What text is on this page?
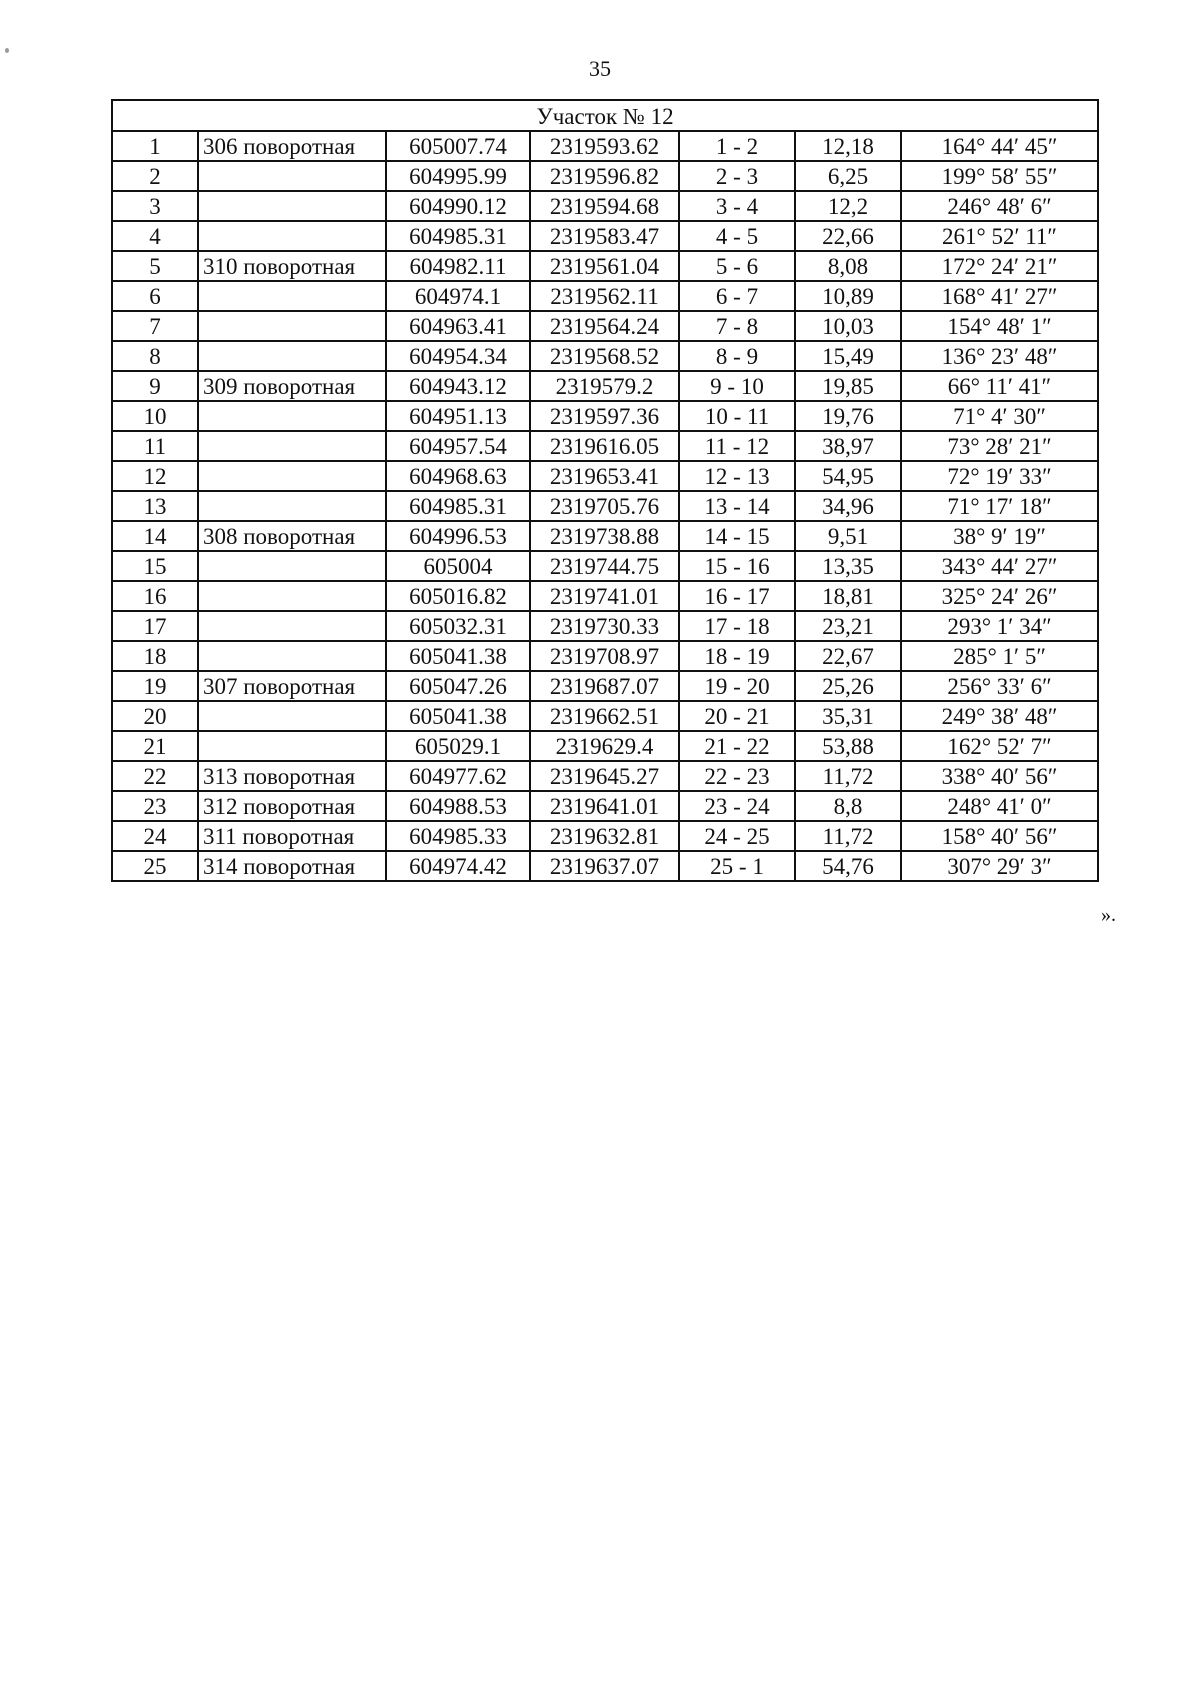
35
Участок № 12						
1	306 поворотная	605007.74	2319593.62	1 - 2	12,18	164° 44′ 45″
2		604995.99	2319596.82	2 - 3	6,25	199° 58′ 55″
3		604990.12	2319594.68	3 - 4	12,2	246° 48′ 6″
4		604985.31	2319583.47	4 - 5	22,66	261° 52′ 11″
5	310 поворотная	604982.11	2319561.04	5 - 6	8,08	172° 24′ 21″
6		604974.1	2319562.11	6 - 7	10,89	168° 41′ 27″
7		604963.41	2319564.24	7 - 8	10,03	154° 48′ 1″
8		604954.34	2319568.52	8 - 9	15,49	136° 23′ 48″
9	309 поворотная	604943.12	2319579.2	9 - 10	19,85	66° 11′ 41″
10		604951.13	2319597.36	10 - 11	19,76	71° 4′ 30″
11		604957.54	2319616.05	11 - 12	38,97	73° 28′ 21″
12		604968.63	2319653.41	12 - 13	54,95	72° 19′ 33″
13		604985.31	2319705.76	13 - 14	34,96	71° 17′ 18″
14	308 поворотная	604996.53	2319738.88	14 - 15	9,51	38° 9′ 19″
15		605004	2319744.75	15 - 16	13,35	343° 44′ 27″
16		605016.82	2319741.01	16 - 17	18,81	325° 24′ 26″
17		605032.31	2319730.33	17 - 18	23,21	293° 1′ 34″
18		605041.38	2319708.97	18 - 19	22,67	285° 1′ 5″
19	307 поворотная	605047.26	2319687.07	19 - 20	25,26	256° 33′ 6″
20		605041.38	2319662.51	20 - 21	35,31	249° 38′ 48″
21		605029.1	2319629.4	21 - 22	53,88	162° 52′ 7″
22	313 поворотная	604977.62	2319645.27	22 - 23	11,72	338° 40′ 56″
23	312 поворотная	604988.53	2319641.01	23 - 24	8,8	248° 41′ 0″
24	311 поворотная	604985.33	2319632.81	24 - 25	11,72	158° 40′ 56″
25	314 поворотная	604974.42	2319637.07	25 - 1	54,76	307° 29′ 3″
».
